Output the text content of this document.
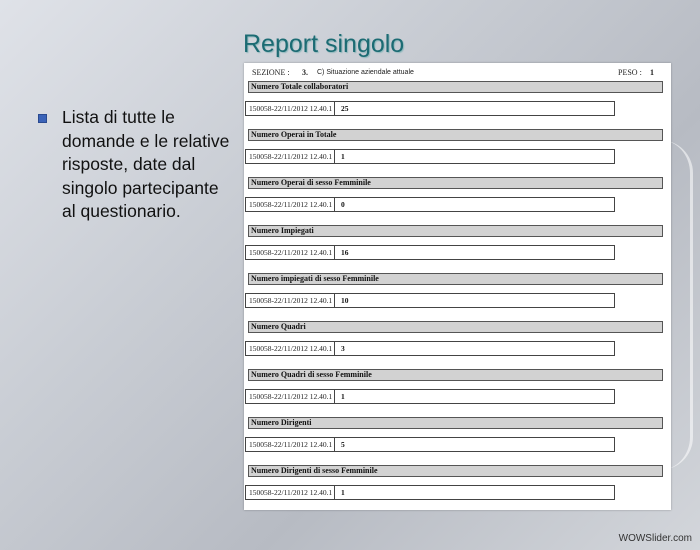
Report singolo
Lista di tutte le domande e le relative risposte, date dal singolo partecipante al questionario.
SEZIONE : 3. C) Situazione aziendale attuale	PESO : 1
Numero Totale collaboratori
150058-22/11/2012 12.40.1	25
Numero Operai in Totale
150058-22/11/2012 12.40.1	1
Numero Operai di sesso Femminile
150058-22/11/2012 12.40.1	0
Numero Impiegati
150058-22/11/2012 12.40.1	16
Numero impiegati di sesso Femminile
150058-22/11/2012 12.40.1	10
Numero Quadri
150058-22/11/2012 12.40.1	3
Numero Quadri di sesso Femminile
150058-22/11/2012 12.40.1	1
Numero Dirigenti
150058-22/11/2012 12.40.1	5
Numero Dirigenti di sesso Femminile
150058-22/11/2012 12.40.1	1
WOWSlider.com
